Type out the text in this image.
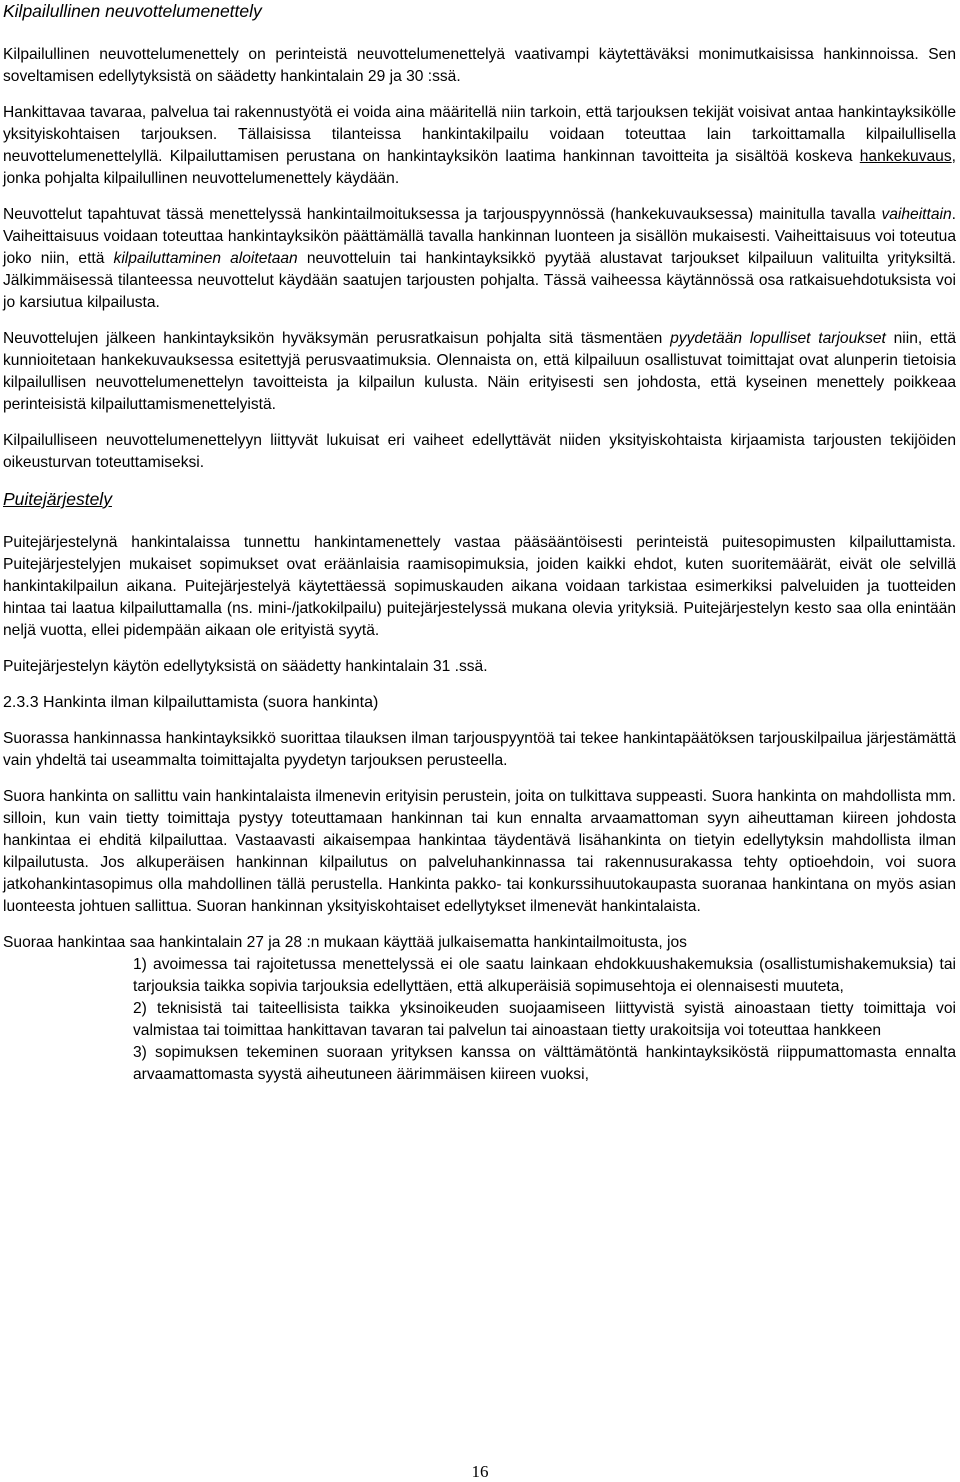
Kilpailullinen neuvottelumenettely

Kilpailullinen neuvottelumenettely on perinteistä neuvottelumenettelyä vaativampi käytettäväksi monimutkaisissa hankinnoissa. Sen soveltamisen edellytyksistä on säädetty hankintalain 29 ja 30 :ssä.

Hankittavaa tavaraa, palvelua tai rakennustyötä ei voida aina määritellä niin tarkoin, että tarjouksen tekijät voisivat antaa hankintayksikölle yksityiskohtaisen tarjouksen. Tällaisissa tilanteissa hankintakilpailu voidaan toteuttaa lain tarkoittamalla kilpailullisella neuvottelumenettelyllä. Kilpailuttamisen perustana on hankintayksikön laatima hankinnan tavoitteita ja sisältöä koskeva hankekuvaus, jonka pohjalta kilpailullinen neuvottelumenettely käydään.

Neuvottelut tapahtuvat tässä menettelyssä hankintailmoituksessa ja tarjouspyynnössä (hankekuvauksessa) mainitulla tavalla vaiheittain. Vaiheittaisuus voidaan toteuttaa hankintayksikön päättämällä tavalla hankinnan luonteen ja sisällön mukaisesti. Vaiheittaisuus voi toteutua joko niin, että kilpailuttaminen aloitetaan neuvotteluin tai hankintayksikkö pyytää alustavat tarjoukset kilpailuun valituilta yrityksiltä. Jälkimmäisessä tilanteessa neuvottelut käydään saatujen tarjousten pohjalta. Tässä vaiheessa käytännössä osa ratkaisuehdotuksista voi jo karsiutua kilpailusta.

Neuvottelujen jälkeen hankintayksikön hyväksymän perusratkaisun pohjalta sitä täsmentäen pyydetään lopulliset tarjoukset niin, että kunnioitetaan hankekuvauksessa esitettyjä perusvaatimuksia. Olennaista on, että kilpailuun osallistuvat toimittajat ovat alunperin tietoisia kilpailullisen neuvottelumenettelyn tavoitteista ja kilpailun kulusta. Näin erityisesti sen johdosta, että kyseinen menettely poikkeaa perinteisistä kilpailuttamismenettelyistä.

Kilpailulliseen neuvottelumenettelyyn liittyvät lukuisat eri vaiheet edellyttävät niiden yksityiskohtaista kirjaamista tarjousten tekijöiden oikeusturvan toteuttamiseksi.

Puitejärjestely

Puitejärjestelynä hankintalaissa tunnettu hankintamenettely vastaa pääsääntöisesti perinteistä puitesopimusten kilpailuttamista. Puitejärjestelyjen mukaiset sopimukset ovat eräänlaisia raamisopimuksia, joiden kaikki ehdot, kuten suoritemäärät, eivät ole selvillä hankintakilpailun aikana. Puitejärjestelyä käytettäessä sopimuskauden aikana voidaan tarkistaa esimerkiksi palveluiden ja tuotteiden hintaa tai laatua kilpailuttamalla (ns. mini-/jatkokilpailu) puitejärjestelyssä mukana olevia yrityksiä. Puitejärjestelyn kesto saa olla enintään neljä vuotta, ellei pidempään aikaan ole erityistä syytä.

Puitejärjestelyn käytön edellytyksistä on säädetty hankintalain 31 .ssä.

2.3.3 Hankinta ilman kilpailuttamista (suora hankinta)

Suorassa hankinnassa hankintayksikkö suorittaa tilauksen ilman tarjouspyyntöä tai tekee hankintapäätöksen tarjouskilpailua järjestämättä vain yhdeltä tai useammalta toimittajalta pyydetyn tarjouksen perusteella.

Suora hankinta on sallittu vain hankintalaista ilmenevin erityisin perustein, joita on tulkittava suppeasti. Suora hankinta on mahdollista mm. silloin, kun vain tietty toimittaja pystyy toteuttamaan hankinnan tai kun ennalta arvaamattoman syyn aiheuttaman kiireen johdosta hankintaa ei ehditä kilpailuttaa. Vastaavasti aikaisempaa hankintaa täydentävä lisähankinta on tietyin edellytyksin mahdollista ilman kilpailutusta. Jos alkuperäisen hankinnan kilpailutus on palveluhankinnassa tai rakennusurakassa tehty optioehdoin, voi suora jatkohankintasopimus olla mahdollinen tällä perustella. Hankinta pakko- tai konkurssihuutokaupasta suoranaa hankintana on myös asian luonteesta johtuen sallittua. Suoran hankinnan yksityiskohtaiset edellytykset ilmenevät hankintalaista.

Suoraa hankintaa saa hankintalain 27 ja 28 :n mukaan käyttää julkaisematta hankintailmoitusta, jos

1) avoimessa tai rajoitetussa menettelyssä ei ole saatu lainkaan ehdokkuushakemuksia (osallistumishakemuksia) tai tarjouksia taikka sopivia tarjouksia edellyttäen, että alkuperäisiä sopimusehtoja ei olennaisesti muuteta,
2) teknisistä tai taiteellisista taikka yksinoikeuden suojaamiseen liittyvistä syistä ainoastaan tietty toimittaja voi valmistaa tai toimittaa hankittavan tavaran tai palvelun tai ainoastaan tietty urakoitsija voi toteuttaa hankkeen
3) sopimuksen tekeminen suoraan yrityksen kanssa on välttämätöntä hankintayksiköstä riippumattomasta ennalta arvaamattomasta syystä aiheutuneen äärimmäisen kiireen vuoksi,
16
